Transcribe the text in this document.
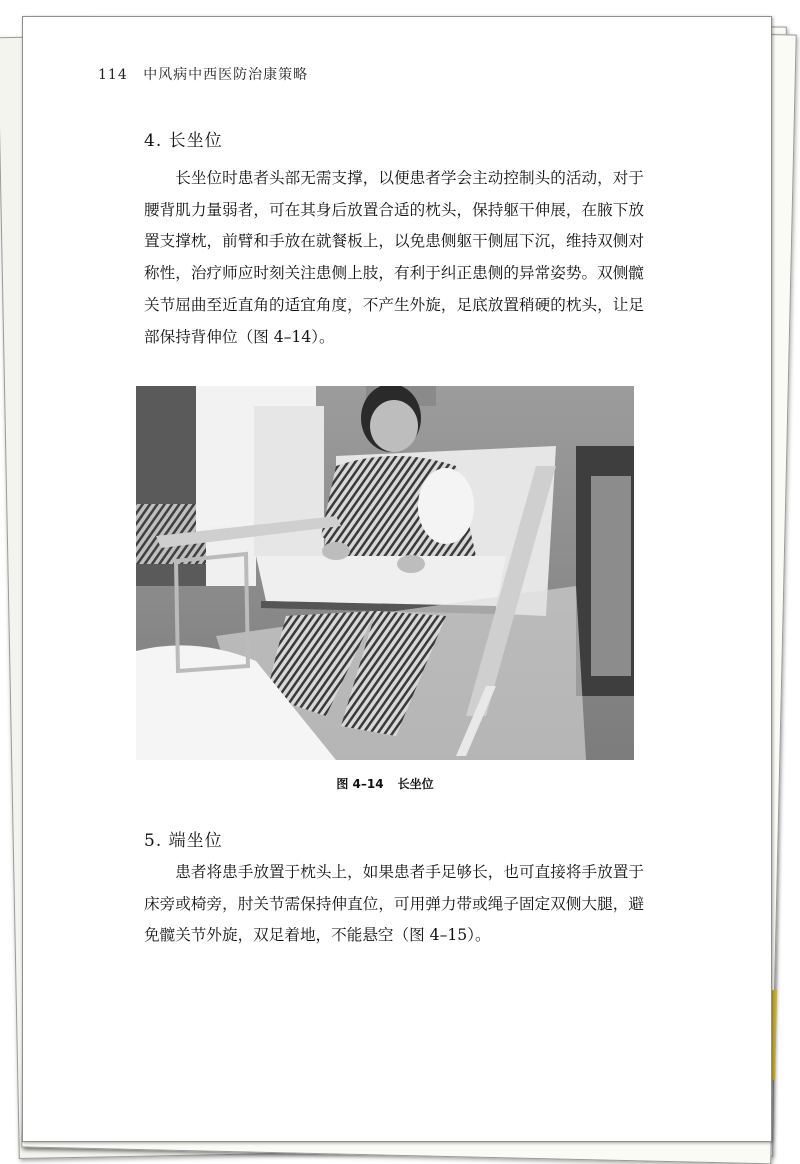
114 中风病中西医防治康策略
4. 长坐位

长坐位时患者头部无需支撑，以便患者学会主动控制头的活动，对于腰背肌力量弱者，可在其身后放置合适的枕头，保持躯干伸展，在腋下放置支撑枕，前臂和手放在就餐板上，以免患侧躯干侧屈下沉，维持双侧对称性，治疗师应时刻关注患侧上肢，有利于纠正患侧的异常姿势。双侧髋关节屈曲至近直角的适宜角度，不产生外旋，足底放置稍硬的枕头，让足部保持背伸位（图 4–14）。

图 4–14 长坐位
5. 端坐位

患者将患手放置于枕头上，如果患者手足够长，也可直接将手放置于床旁或椅旁，肘关节需保持伸直位，可用弹力带或绳子固定双侧大腿，避免髋关节外旋，双足着地，不能悬空（图 4–15）。
